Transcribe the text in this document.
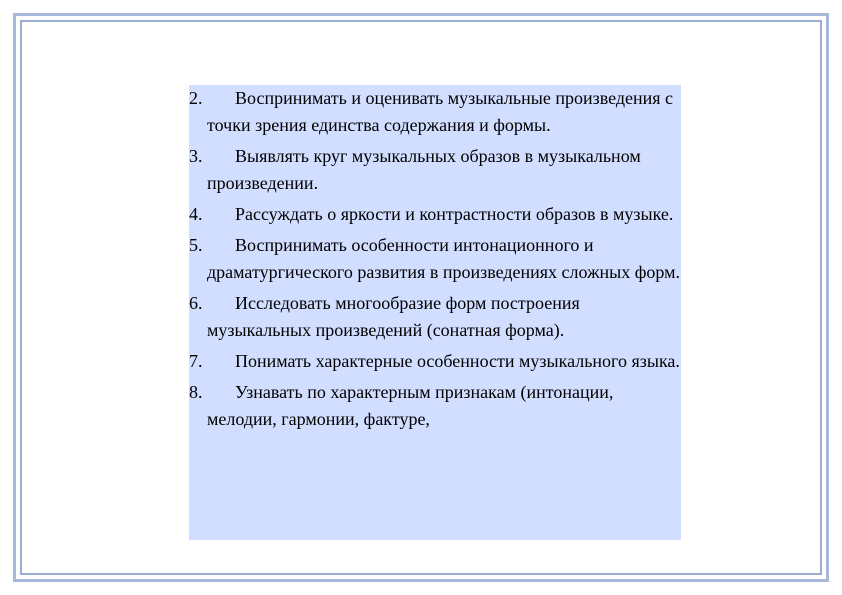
2.	Воспринимать и оценивать музыкальные произведения с точки зрения единства содержания и формы.
3.	Выявлять круг музыкальных образов в музыкальном произведении.
4.	Рассуждать о яркости и контрастности образов в музыке.
5.	Воспринимать особенности интонационного и драматургического развития в произведениях сложных форм.
6.	Исследовать многообразие форм построения музыкальных произведений (сонатная форма).
7.	Понимать характерные особенности музыкального языка.
8.	Узнавать по характерным признакам (интонации, мелодии, гармонии, фактуре,
